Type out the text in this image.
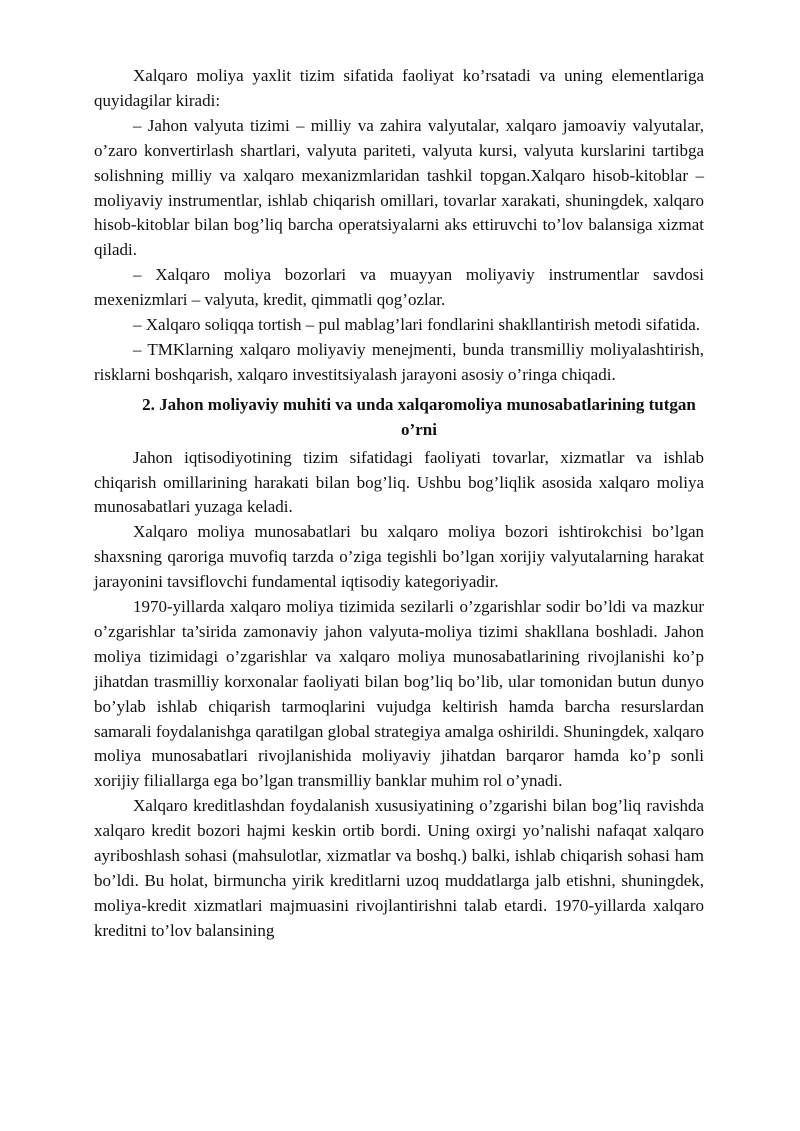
Xalqaro moliya yaxlit tizim sifatida faoliyat ko’rsatadi va uning elementlariga quyidagilar kiradi:

– Jahon valyuta tizimi – milliy va zahira valyutalar, xalqaro jamoaviy valyutalar, o’zaro konvertirlash shartlari, valyuta pariteti, valyuta kursi, valyuta kurslarini tartibga solishning milliy va xalqaro mexanizmlaridan tashkil topgan.Xalqaro hisob-kitoblar – moliyaviy instrumentlar, ishlab chiqarish omillari, tovarlar xarakati, shuningdek, xalqaro hisob-kitoblar bilan bog’liq barcha operatsiyalarni aks ettiruvchi to’lov balansiga xizmat qiladi.

– Xalqaro moliya bozorlari va muayyan moliyaviy instrumentlar savdosi mexenizmlari – valyuta, kredit, qimmatli qog’ozlar.

– Xalqaro soliqqa tortish – pul mablag’lari fondlarini shakllantirish metodi sifatida.

– TMKlarning xalqaro moliyaviy menejmenti, bunda transmilliy moliyalashtirish, risklarni boshqarish, xalqaro investitsiyalash jarayoni asosiy o’ringa chiqadi.

2. Jahon moliyaviy muhiti va unda xalqaromoliya munosabatlarining tutgan o’rni

Jahon iqtisodiyotining tizim sifatidagi faoliyati tovarlar, xizmatlar va ishlab chiqarish omillarining harakati bilan bog’liq. Ushbu bog’liqlik asosida xalqaro moliya munosabatlari yuzaga keladi.

Xalqaro moliya munosabatlari bu xalqaro moliya bozori ishtirokchisi bo’lgan shaxsning qaroriga muvofiq tarzda o’ziga tegishli bo’lgan xorijiy valyutalarning harakat jarayonini tavsiflovchi fundamental iqtisodiy kategoriyadir.

1970-yillarda xalqaro moliya tizimida sezilarli o’zgarishlar sodir bo’ldi va mazkur o’zgarishlar ta’sirida zamonaviy jahon valyuta-moliya tizimi shakllana boshladi. Jahon moliya tizimidagi o’zgarishlar va xalqaro moliya munosabatlarining rivojlanishi ko’p jihatdan trasmilliy korxonalar faoliyati bilan bog’liq bo’lib, ular tomonidan butun dunyo bo’ylab ishlab chiqarish tarmoqlarini vujudga keltirish hamda barcha resurslardan samarali foydalanishga qaratilgan global strategiya amalga oshirildi. Shuningdek, xalqaro moliya munosabatlari rivojlanishida moliyaviy jihatdan barqaror hamda ko’p sonli xorijiy filiallarga ega bo’lgan transmilliy banklar muhim rol o’ynadi.

Xalqaro kreditlashdan foydalanish xususiyatining o’zgarishi bilan bog’liq ravishda xalqaro kredit bozori hajmi keskin ortib bordi. Uning oxirgi yo’nalishi nafaqat xalqaro ayriboshlash sohasi (mahsulotlar, xizmatlar va boshq.) balki, ishlab chiqarish sohasi ham bo’ldi. Bu holat, birmuncha yirik kreditlarni uzoq muddatlarga jalb etishni, shuningdek, moliya-kredit xizmatlari majmuasini rivojlantirishni talab etardi. 1970-yillarda xalqaro kreditni to’lov balansining
